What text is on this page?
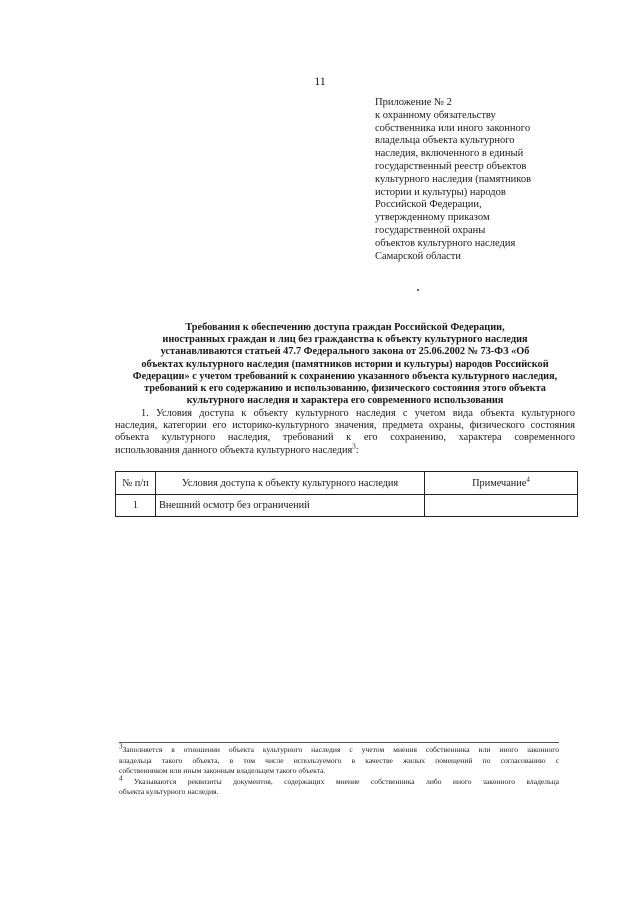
11
Приложение № 2
к охранному обязательству
собственника или иного законного
владельца объекта культурного
наследия, включенного в единый
государственный реестр объектов
культурного наследия (памятников
истории и культуры) народов
Российской Федерации,
утвержденному приказом
государственной охраны
объектов культурного наследия
Самарской области
Требования к обеспечению доступа граждан Российской Федерации,
иностранных граждан и лиц без гражданства к объекту культурного наследия
устанавливаются статьей 47.7 Федерального закона от 25.06.2002 № 73-ФЗ «Об
объектах культурного наследия (памятников истории и культуры) народов Российской
Федерации» с учетом требований к сохранению указанного объекта культурного наследия,
требований к его содержанию и использованию, физического состояния этого объекта
культурного наследия и характера его современного использования
1. Условия доступа к объекту культурного наследия с учетом вида объекта культурного
наследия, категории его историко-культурного значения, предмета охраны, физического состояния
объекта культурного наследия, требований к его сохранению, характера современного
использования данного объекта культурного наследия$^3$:
№ п/п	Условия доступа к объекту культурного наследия	Примечание$^4$
1	Внешний осмотр без ограничений	
$^3$Заполняется в отношении объекта культурного наследия с учетом мнения собственника или иного законного
владельца такого объекта, в том числе используемого в качестве жилых помещений по согласованию с
собственником или иным законным владельцем такого объекта.
$^4$ Указываются реквизиты документов, содержащих мнение собственника либо иного законного владельца
объекта культурного наследия.
